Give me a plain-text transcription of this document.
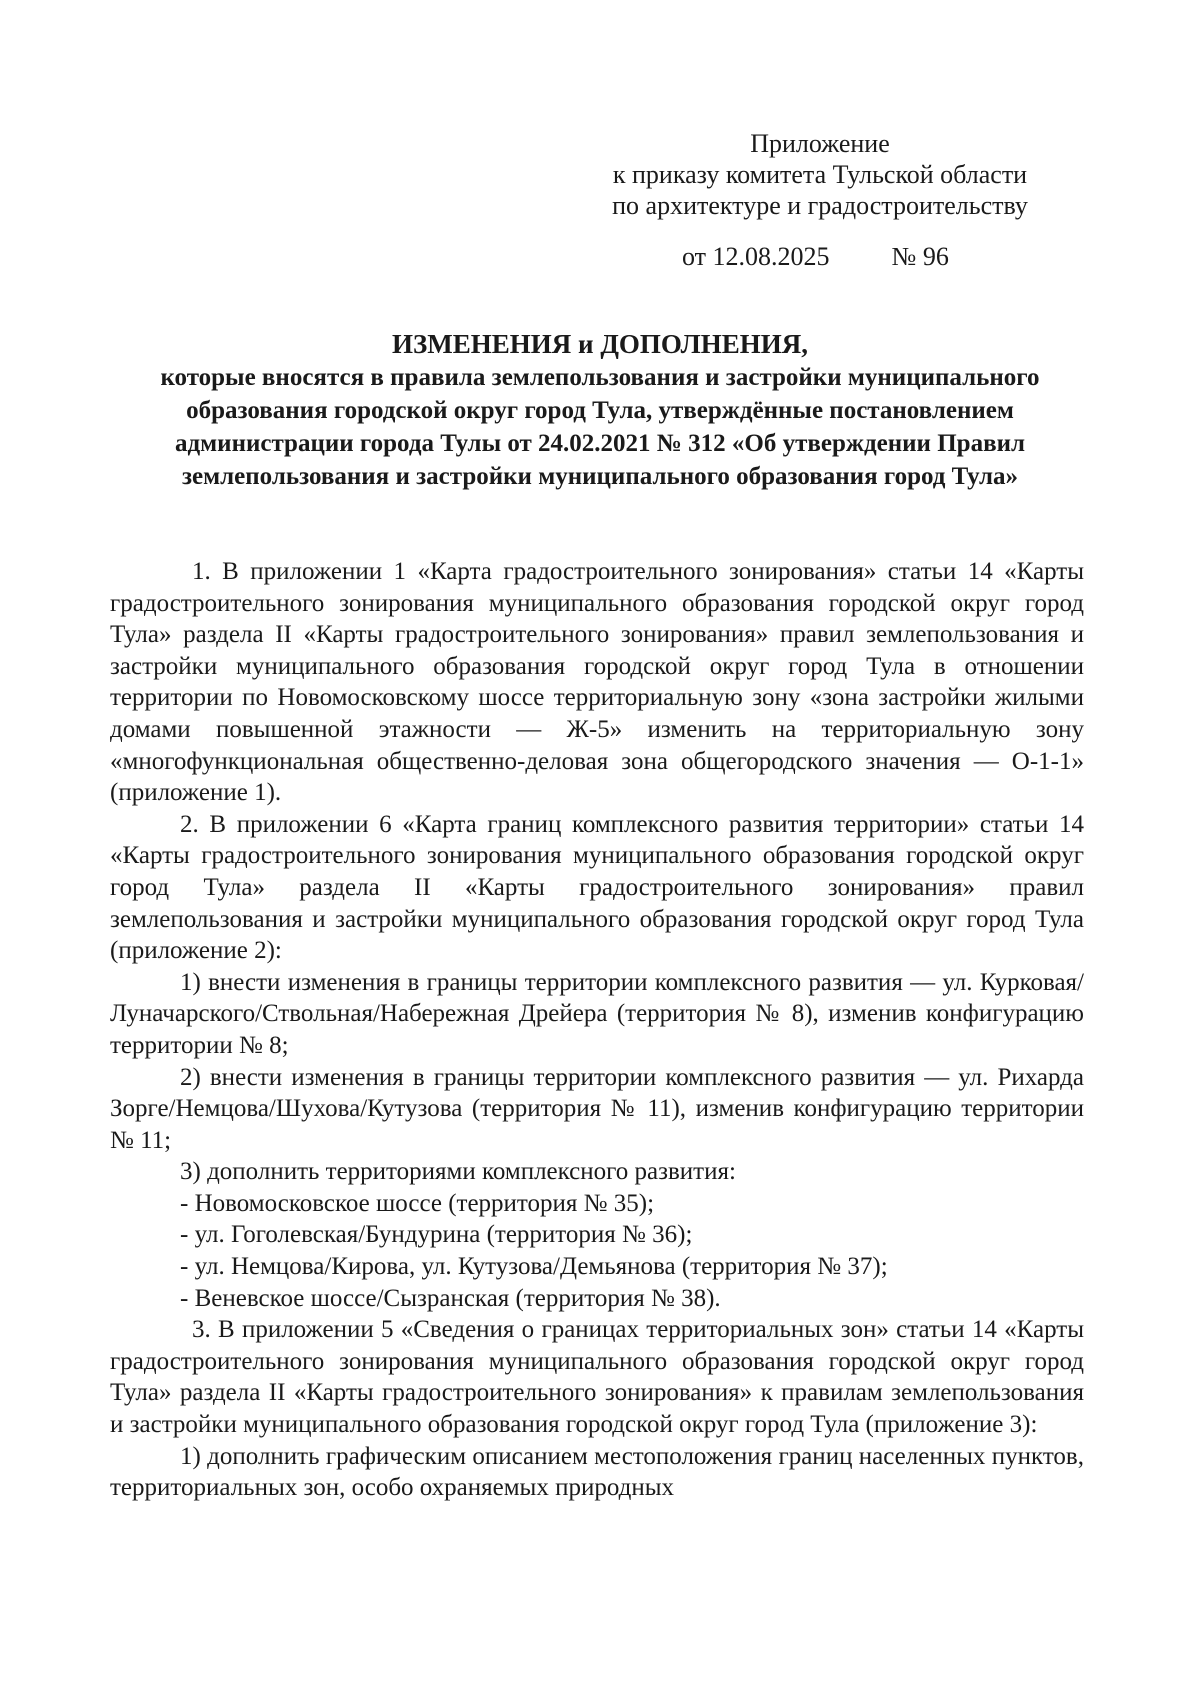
Приложение
к приказу комитета Тульской области
по архитектуре и градостроительству
от 12.08.2025 № 96
ИЗМЕНЕНИЯ и ДОПОЛНЕНИЯ,
которые вносятся в правила землепользования и застройки муниципального образования городской округ город Тула, утверждённые постановлением администрации города Тулы от 24.02.2021 № 312 «Об утверждении Правил землепользования и застройки муниципального образования город Тула»

1. В приложении 1 «Карта градостроительного зонирования» статьи 14 «Карты градостроительного зонирования муниципального образования городской округ город Тула» раздела II «Карты градостроительного зонирования» правил землепользования и застройки муниципального образования городской округ город Тула в отношении территории по Новомосковскому шоссе территориальную зону «зона застройки жилыми домами повышенной этажности — Ж-5» изменить на территориальную зону «многофункциональная общественно-деловая зона общегородского значения — О-1-1» (приложение 1).

2. В приложении 6 «Карта границ комплексного развития территории» статьи 14 «Карты градостроительного зонирования муниципального образования городской округ город Тула» раздела II «Карты градостроительного зонирования» правил землепользования и застройки муниципального образования городской округ город Тула (приложение 2):

1) внести изменения в границы территории комплексного развития — ул. Курковая/Луначарского/Ствольная/Набережная Дрейера (территория № 8), изменив конфигурацию территории № 8;

2) внести изменения в границы территории комплексного развития — ул. Рихарда Зорге/Немцова/Шухова/Кутузова (территория № 11), изменив конфигурацию территории № 11;

3) дополнить территориями комплексного развития:

- Новомосковское шоссе (территория № 35);

- ул. Гоголевская/Бундурина (территория № 36);

- ул. Немцова/Кирова, ул. Кутузова/Демьянова (территория № 37);

- Веневское шоссе/Сызранская (территория № 38).

3. В приложении 5 «Сведения о границах территориальных зон» статьи 14 «Карты градостроительного зонирования муниципального образования городской округ город Тула» раздела II «Карты градостроительного зонирования» к правилам землепользования и застройки муниципального образования городской округ город Тула (приложение 3):

1) дополнить графическим описанием местоположения границ населенных пунктов, территориальных зон, особо охраняемых природных
